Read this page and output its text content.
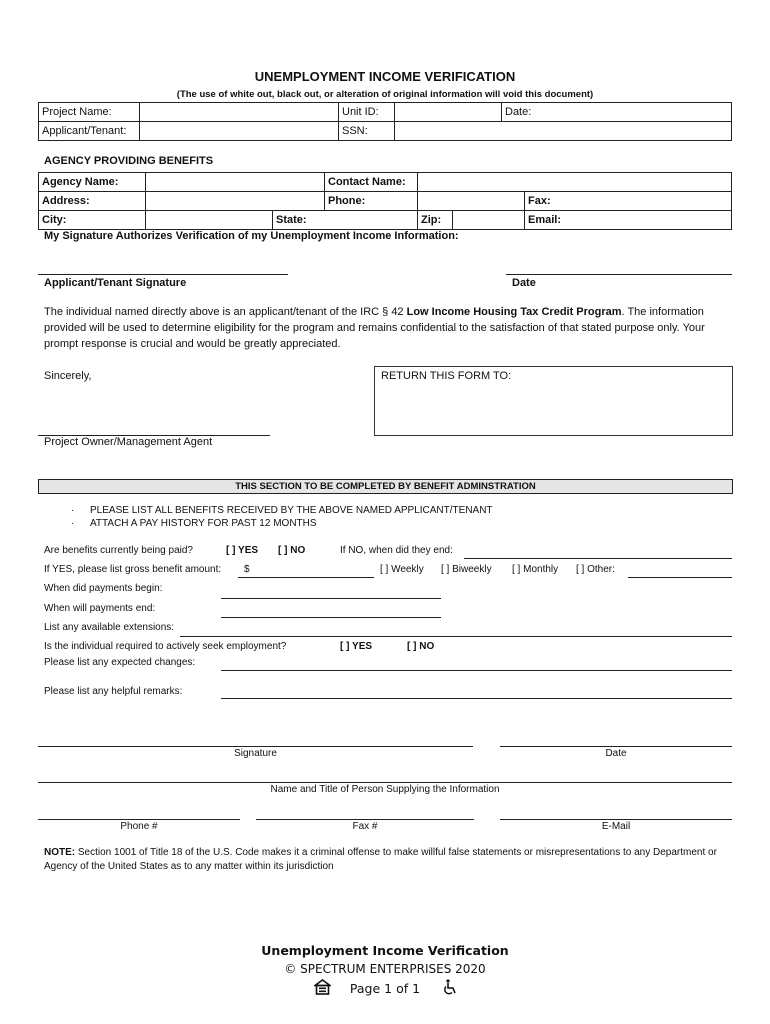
UNEMPLOYMENT INCOME VERIFICATION
(The use of white out, black out, or alteration of original information will void this document)
Project Name:		Unit ID:		Date:	
Applicant/Tenant:		SSN:			
AGENCY PROVIDING BENEFITS
Agency Name:			Contact Name:			
Address:			Phone:			Fax:
City:		State:		Zip:		Email:
My Signature Authorizes Verification of my Unemployment Income Information:
Applicant/Tenant Signature	Date
The individual named directly above is an applicant/tenant of the IRC § 42 Low Income Housing Tax Credit Program. The information provided will be used to determine eligibility for the program and remains confidential to the satisfaction of that stated purpose only. Your prompt response is crucial and would be greatly appreciated.
Sincerely,	RETURN THIS FORM TO:
Project Owner/Management Agent
THIS SECTION TO BE COMPLETED BY BENEFIT ADMINSTRATION
· PLEASE LIST ALL BENEFITS RECEIVED BY THE ABOVE NAMED APPLICANT/TENANT
· ATTACH A PAY HISTORY FOR PAST 12 MONTHS
Are benefits currently being paid?	[ ] YES [ ] NO	If NO, when did they end:
If YES, please list gross benefit amount: $	[ ] Weekly [ ] Biweekly [ ] Monthly [ ] Other:
When did payments begin:
When will payments end:
List any available extensions:
Is the individual required to actively seek employment?	[ ] YES	[ ] NO
Please list any expected changes:
Please list any helpful remarks:
Signature	Date
Name and Title of Person Supplying the Information
Phone #	Fax #	E-Mail
NOTE: Section 1001 of Title 18 of the U.S. Code makes it a criminal offense to make willful false statements or misrepresentations to any Department or Agency of the United States as to any matter within its jurisdiction
Unemployment Income Verification
© SPECTRUM ENTERPRISES 2020
Page 1 of 1
